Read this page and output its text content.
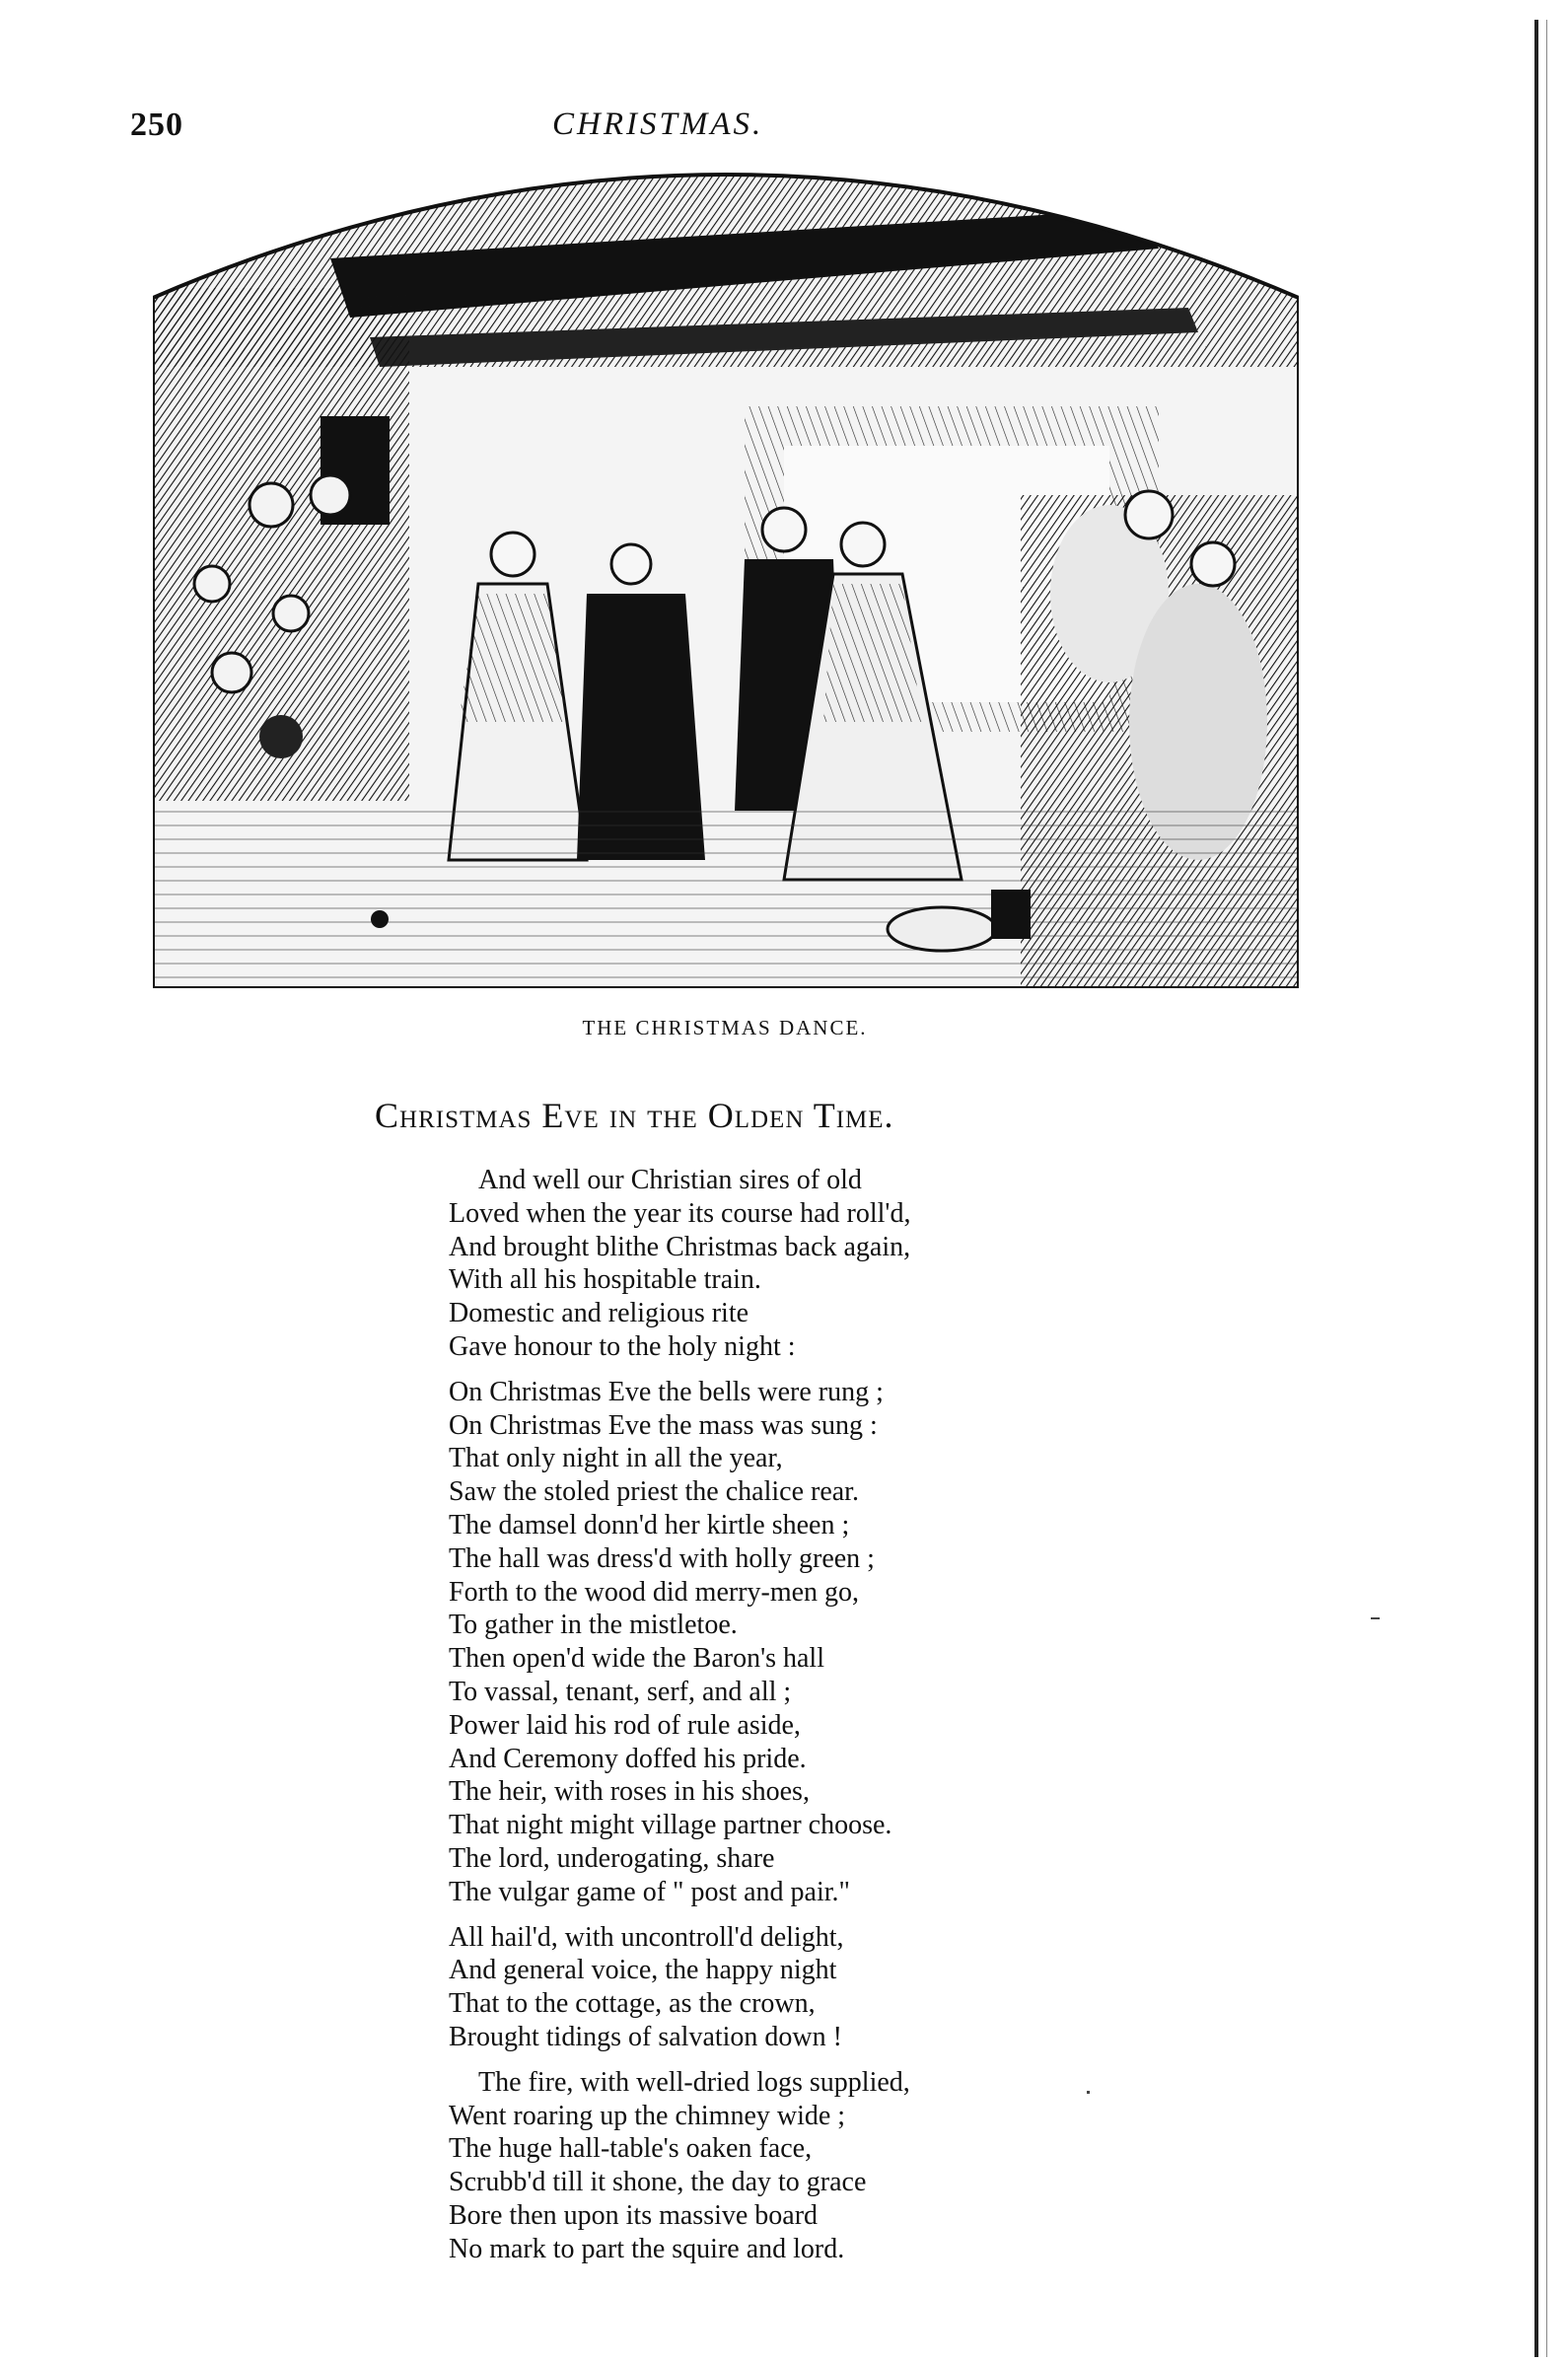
250	CHRISTMAS.
THE CHRISTMAS DANCE.
Christmas Eve in the Olden Time.
And well our Christian sires of old
Loved when the year its course had roll'd,
And brought blithe Christmas back again,
With all his hospitable train.
Domestic and religious rite
Gave honour to the holy night :
On Christmas Eve the bells were rung ;
On Christmas Eve the mass was sung :
That only night in all the year,
Saw the stoled priest the chalice rear.
The damsel donn'd her kirtle sheen ;
The hall was dress'd with holly green ;
Forth to the wood did merry-men go,
To gather in the mistletoe.
Then open'd wide the Baron's hall
To vassal, tenant, serf, and all ;
Power laid his rod of rule aside,
And Ceremony doffed his pride.
The heir, with roses in his shoes,
That night might village partner choose.
The lord, underogating, share
The vulgar game of " post and pair."
All hail'd, with uncontroll'd delight,
And general voice, the happy night
That to the cottage, as the crown,
Brought tidings of salvation down !
The fire, with well-dried logs supplied,
Went roaring up the chimney wide ;
The huge hall-table's oaken face,
Scrubb'd till it shone, the day to grace
Bore then upon its massive board
No mark to part the squire and lord.
